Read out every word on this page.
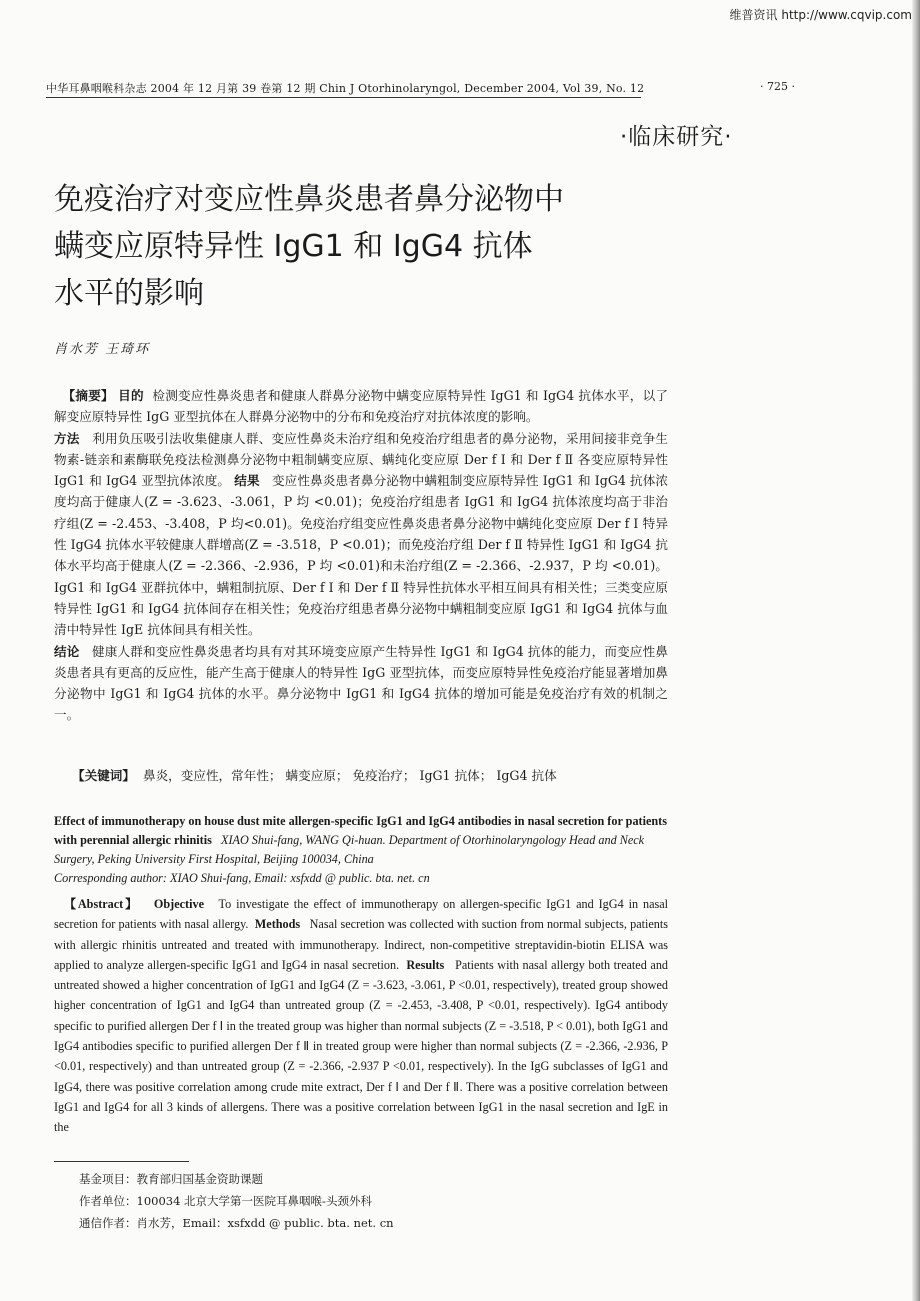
维普资讯 http://www.cqvip.com
中华耳鼻咽喉科杂志 2004 年 12 月第 39 卷第 12 期 Chin J Otorhinolaryngol, December 2004, Vol 39, No. 12	· 725 ·
·临床研究·
免疫治疗对变应性鼻炎患者鼻分泌物中
螨变应原特异性 IgG1 和 IgG4 抗体
水平的影响
肖水芳 王琦环
【摘要】 目的 检测变应性鼻炎患者和健康人群鼻分泌物中螨变应原特异性 IgG1 和 IgG4 抗体水平，以了解变应原特异性 IgG 亚型抗体在人群鼻分泌物中的分布和免疫治疗对抗体浓度的影响。
方法 利用负压吸引法收集健康人群、变应性鼻炎未治疗组和免疫治疗组患者的鼻分泌物，采用间接非竞争生物素-链亲和素酶联免疫法检测鼻分泌物中粗制螨变应原、螨纯化变应原 Der f Ⅰ 和 Der f Ⅱ 各变应原特异性 IgG1 和 IgG4 亚型抗体浓度。 结果 变应性鼻炎患者鼻分泌物中螨粗制变应原特异性 IgG1 和 IgG4 抗体浓度均高于健康人(Z = -3.623、-3.061，P 均 <0.01)；免疫治疗组患者 IgG1 和 IgG4 抗体浓度均高于非治疗组(Z = -2.453、-3.408，P 均<0.01)。免疫治疗组变应性鼻炎患者鼻分泌物中螨纯化变应原 Der f Ⅰ 特异性 IgG4 抗体水平较健康人群增高(Z = -3.518，P <0.01)；而免疫治疗组 Der f Ⅱ 特异性 IgG1 和 IgG4 抗体水平均高于健康人(Z = -2.366、-2.936，P 均 <0.01)和未治疗组(Z = -2.366、-2.937，P 均 <0.01)。IgG1 和 IgG4 亚群抗体中，螨粗制抗原、Der f Ⅰ 和 Der f Ⅱ 特异性抗体水平相互间具有相关性；三类变应原特异性 IgG1 和 IgG4 抗体间存在相关性；免疫治疗组患者鼻分泌物中螨粗制变应原 IgG1 和 IgG4 抗体与血清中特异性 IgE 抗体间具有相关性。
结论 健康人群和变应性鼻炎患者均具有对其环境变应原产生特异性 IgG1 和 IgG4 抗体的能力，而变应性鼻炎患者具有更高的反应性，能产生高于健康人的特异性 IgG 亚型抗体，而变应原特异性免疫治疗能显著增加鼻分泌物中 IgG1 和 IgG4 抗体的水平。鼻分泌物中 IgG1 和 IgG4 抗体的增加可能是免疫治疗有效的机制之一。
【关键词】 鼻炎，变应性，常年性； 螨变应原； 免疫治疗； IgG1 抗体； IgG4 抗体
Effect of immunotherapy on house dust mite allergen-specific IgG1 and IgG4 antibodies in nasal secretion for patients with perennial allergic rhinitis XIAO Shui-fang, WANG Qi-huan. Department of Otorhinolaryngology Head and Neck Surgery, Peking University First Hospital, Beijing 100034, China
Corresponding author: XIAO Shui-fang, Email: xsfxdd @ public. bta. net. cn
【Abstract】 Objective To investigate the effect of immunotherapy on allergen-specific IgG1 and IgG4 in nasal secretion for patients with nasal allergy. Methods Nasal secretion was collected with suction from normal subjects, patients with allergic rhinitis untreated and treated with immunotherapy. Indirect, non-competitive streptavidin-biotin ELISA was applied to analyze allergen-specific IgG1 and IgG4 in nasal secretion. Results Patients with nasal allergy both treated and untreated showed a higher concentration of IgG1 and IgG4 (Z = -3.623, -3.061, P <0.01, respectively), treated group showed higher concentration of IgG1 and IgG4 than untreated group (Z = -2.453, -3.408, P <0.01, respectively). IgG4 antibody specific to purified allergen Der f Ⅰ in the treated group was higher than normal subjects (Z = -3.518, P < 0.01), both IgG1 and IgG4 antibodies specific to purified allergen Der f Ⅱ in treated group were higher than normal subjects (Z = -2.366, -2.936, P <0.01, respectively) and than untreated group (Z = -2.366, -2.937 P <0.01, respectively). In the IgG subclasses of IgG1 and IgG4, there was positive correlation among crude mite extract, Der f Ⅰ and Der f Ⅱ. There was a positive correlation between IgG1 and IgG4 for all 3 kinds of allergens. There was a positive correlation between IgG1 in the nasal secretion and IgE in the
基金项目：教育部归国基金资助课题
作者单位：100034 北京大学第一医院耳鼻咽喉-头颈外科
通信作者：肖水芳，Email：xsfxdd @ public. bta. net. cn
